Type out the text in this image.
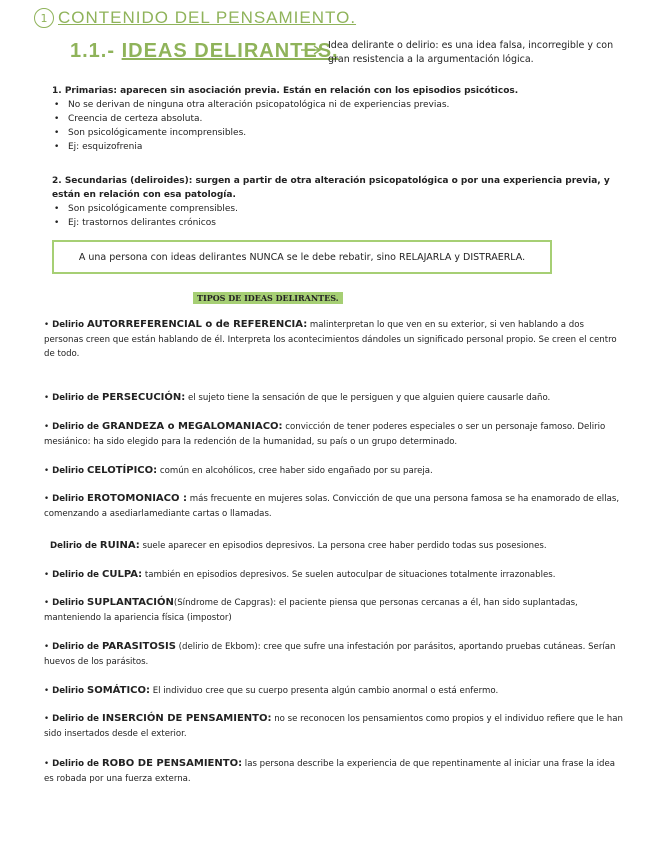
1 CONTENIDO DEL PENSAMIENTO.
1.1.- IDEAS DELIRANTES.
Idea delirante o delirio: es una idea falsa, incorregible y con gran resistencia a la argumentación lógica.
1. Primarias: aparecen sin asociación previa. Están en relación con los episodios psicóticos.
• No se derivan de ninguna otra alteración psicopatológica ni de experiencias previas.
• Creencia de certeza absoluta.
• Son psicológicamente incomprensibles.
• Ej: esquizofrenia
2. Secundarias (deliroides): surgen a partir de otra alteración psicopatológica o por una experiencia previa, y están en relación con esa patología.
• Son psicológicamente comprensibles.
• Ej: trastornos delirantes crónicos
A una persona con ideas delirantes NUNCA se le debe rebatir, sino RELAJARLA y DISTRAERLA.
TIPOS DE IDEAS DELIRANTES.
• Delirio AUTORREFERENCIAL o de REFERENCIA: malinterpretan lo que ven en su exterior, si ven hablando a dos personas creen que están hablando de él. Interpreta los acontecimientos dándoles un significado personal propio. Se creen el centro de todo.
• Delirio de PERSECUCIÓN: el sujeto tiene la sensación de que le persiguen y que alguien quiere causarle daño.
• Delirio de GRANDEZA o MEGALOMANIACO: convicción de tener poderes especiales o ser un personaje famoso. Delirio mesiánico: ha sido elegido para la redención de la humanidad, su país o un grupo determinado.
• Delirio CELOTÍPICO: común en alcohólicos, cree haber sido engañado por su pareja.
• Delirio EROTOMONIACO : más frecuente en mujeres solas. Convicción de que una persona famosa se ha enamorado de ellas, comenzando a asediarlamediante cartas o llamadas.
Delirio de RUINA: suele aparecer en episodios depresivos. La persona cree haber perdido todas sus posesiones.
• Delirio de CULPA: también en episodios depresivos. Se suelen autoculpar de situaciones totalmente irrazonables.
• Delirio SUPLANTACIÓN(Síndrome de Capgras): el paciente piensa que personas cercanas a él, han sido suplantadas, manteniendo la apariencia física (impostor)
• Delirio de PARASITOSIS (delirio de Ekbom): cree que sufre una infestación por parásitos, aportando pruebas cutáneas. Serían huevos de los parásitos.
• Delirio SOMÁTICO: El individuo cree que su cuerpo presenta algún cambio anormal o está enfermo.
• Delirio de INSERCIÓN DE PENSAMIENTO: no se reconocen los pensamientos como propios y el individuo refiere que le han sido insertados desde el exterior.
• Delirio de ROBO DE PENSAMIENTO: las persona describe la experiencia de que repentinamente al iniciar una frase la idea es robada por una fuerza externa.
